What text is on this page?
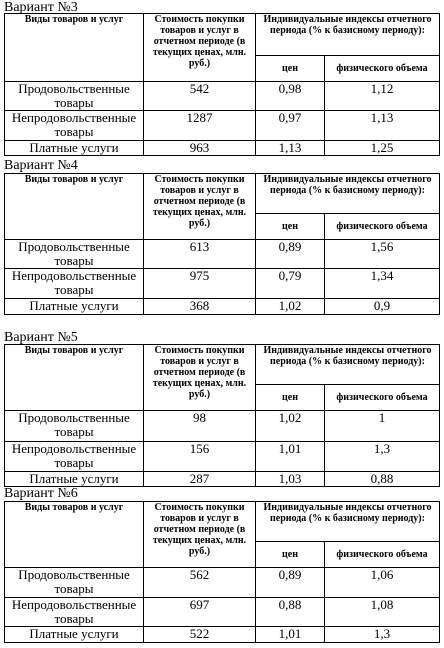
Вариант №3
Виды товаров и услуг	Стоимость покупки товаров и услуг в отчетном периоде (в текущих ценах, млн. руб.)	Индивидуальные индексы отчетного периода (% к базисному периоду):	
		цен	физического объема
Продовольственные товары	542	0,98	1,12
Непродовольственные товары	1287	0,97	1,13
Платные услуги	963	1,13	1,25
Вариант №4
Виды товаров и услуг	Стоимость покупки товаров и услуг в отчетном периоде (в текущих ценах, млн. руб.)	Индивидуальные индексы отчетного периода (% к базисному периоду):	
		цен	физического объема
Продовольственные товары	613	0,89	1,56
Непродовольственные товары	975	0,79	1,34
Платные услуги	368	1,02	0,9
Вариант №5
Виды товаров и услуг	Стоимость покупки товаров и услуг в отчетном периоде (в текущих ценах, млн. руб.)	Индивидуальные индексы отчетного периода (% к базисному периоду):	
		цен	физического объема
Продовольственные товары	98	1,02	1
Непродовольственные товары	156	1,01	1,3
Платные услуги	287	1,03	0,88
Вариант №6
Виды товаров и услуг	Стоимость покупки товаров и услуг в отчетном периоде (в текущих ценах, млн. руб.)	Индивидуальные индексы отчетного периода (% к базисному периоду):	
		цен	физического объема
Продовольственные товары	562	0,89	1,06
Непродовольственные товары	697	0,88	1,08
Платные услуги	522	1,01	1,3
